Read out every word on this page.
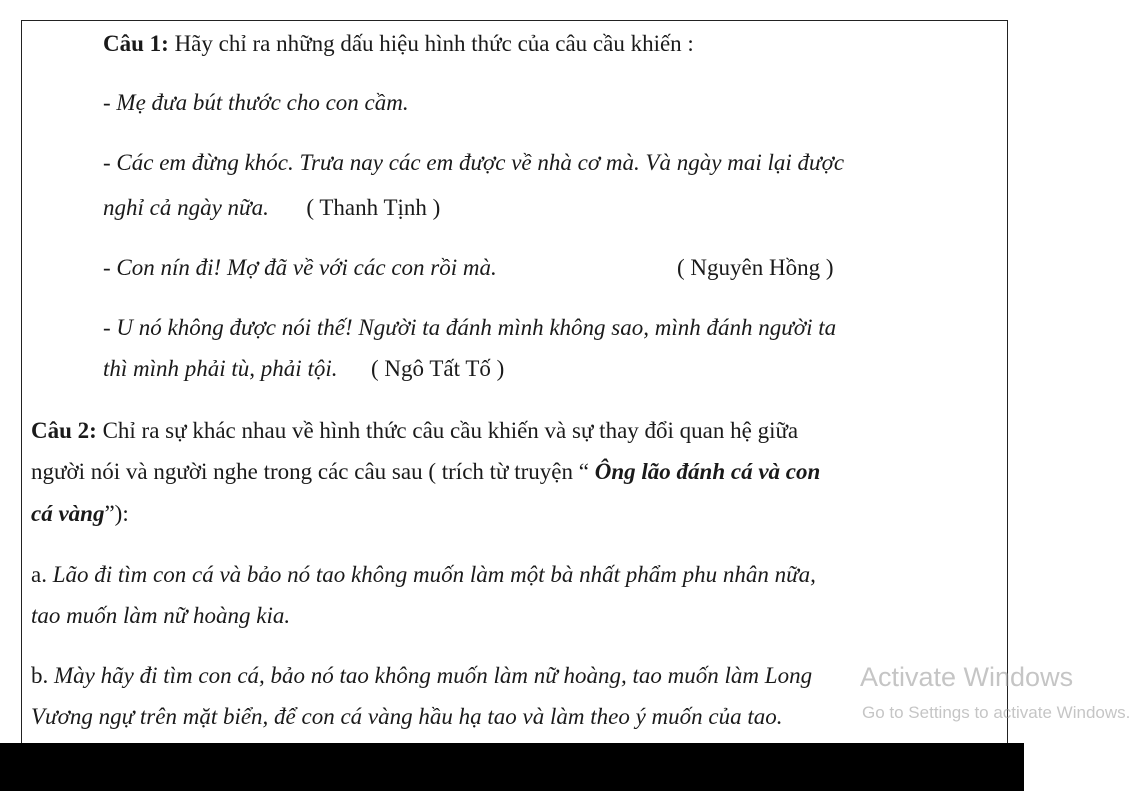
Câu 1: Hãy chỉ ra những dấu hiệu hình thức của câu cầu khiến :
- Mẹ đưa bút thước cho con cầm.
- Các em đừng khóc. Trưa nay các em được về nhà cơ mà. Và ngày mai lại được
nghỉ cả ngày nữa. ( Thanh Tịnh )
- Con nín đi! Mợ đã về với các con rồi mà.	( Nguyên Hồng )
- U nó không được nói thế! Người ta đánh mình không sao, mình đánh người ta
thì mình phải tù, phải tội. ( Ngô Tất Tố )
Câu 2: Chỉ ra sự khác nhau về hình thức câu cầu khiến và sự thay đổi quan hệ giữa
người nói và người nghe trong các câu sau ( trích từ truyện “ Ông lão đánh cá và con
cá vàng”):
a. Lão đi tìm con cá và bảo nó tao không muốn làm một bà nhất phẩm phu nhân nữa,
tao muốn làm nữ hoàng kia.
b. Mày hãy đi tìm con cá, bảo nó tao không muốn làm nữ hoàng, tao muốn làm Long
Vương ngự trên mặt biển, để con cá vàng hầu hạ tao và làm theo ý muốn của tao.
Activate Windows
Go to Settings to activate Windows.
